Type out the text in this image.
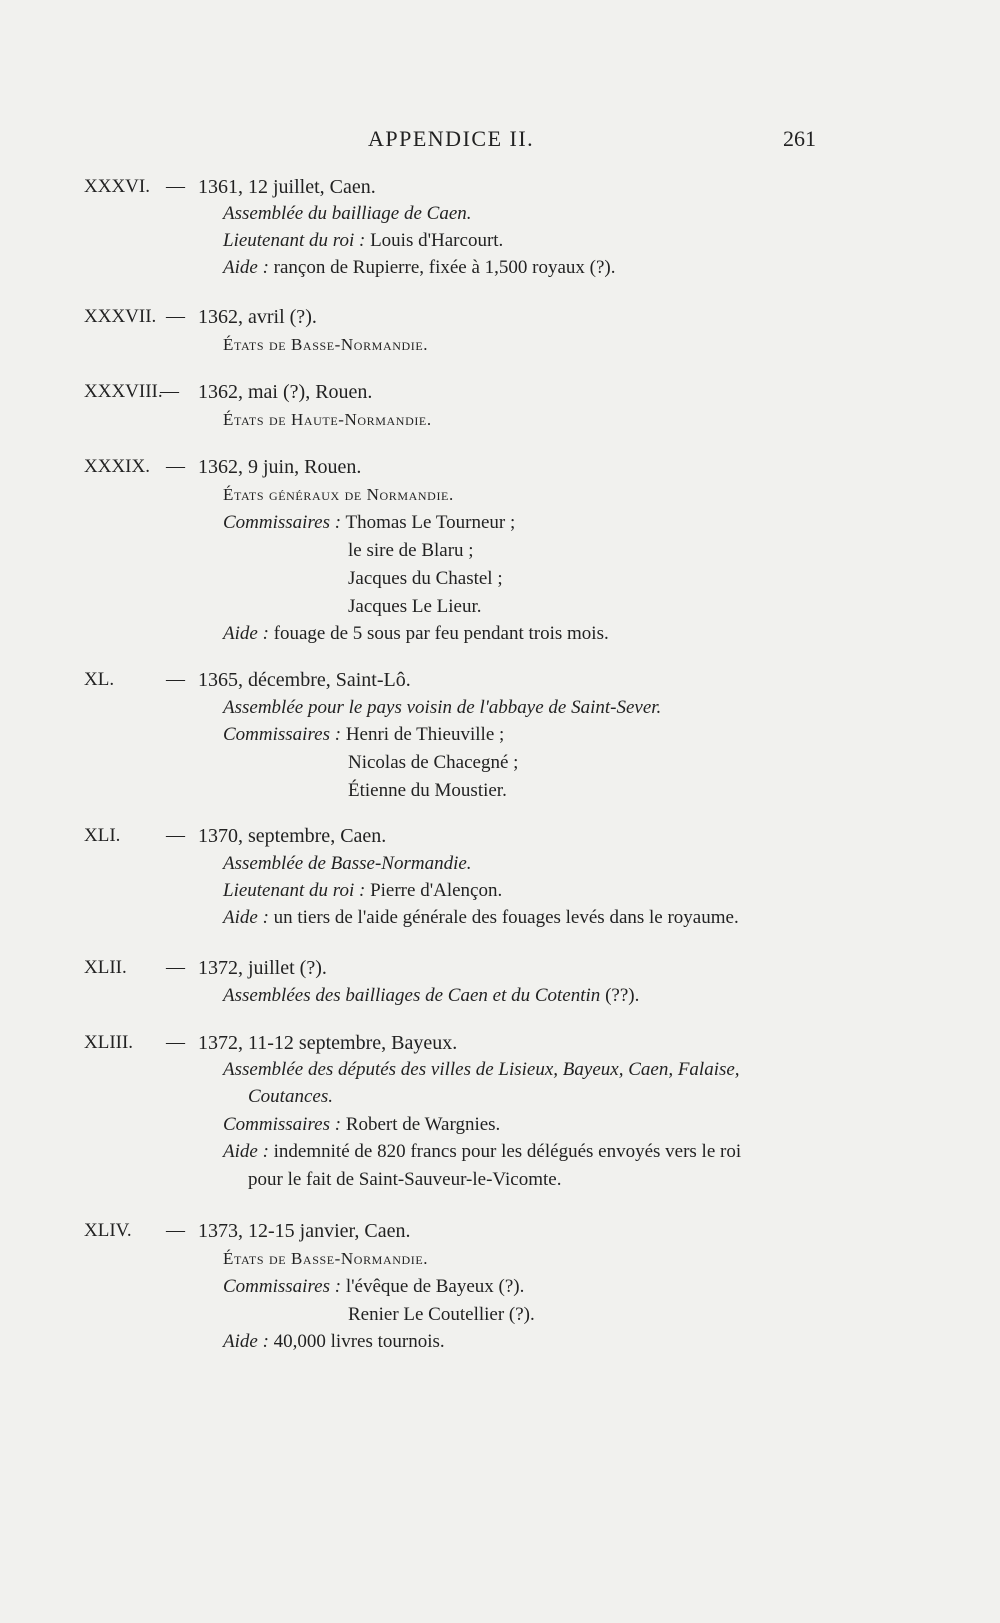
APPENDICE II.	261
XXXVI. — 1361, 12 juillet, Caen.
Assemblée du bailliage de Caen.
Lieutenant du roi : Louis d'Harcourt.
Aide : rançon de Rupierre, fixée à 1,500 royaux (?).
XXXVII. — 1362, avril (?).
États de Basse-Normandie.
XXXVIII.
— 1362, mai (?), Rouen.
États de Haute-Normandie.
XXXIX. — 1362, 9 juin, Rouen.
États généraux de Normandie.
Commissaires : Thomas Le Tourneur ;
le sire de Blaru ;
Jacques du Chastel ;
Jacques Le Lieur.
Aide : fouage de 5 sous par feu pendant trois mois.
XL.	— 1365, décembre, Saint-Lô.
Assemblée pour le pays voisin de l'abbaye de Saint-Sever.
Commissaires : Henri de Thieuville ;
Nicolas de Chacegné ;
Étienne du Moustier.
XLI. — 1370, septembre, Caen.
Assemblée de Basse-Normandie.
Lieutenant du roi : Pierre d'Alençon.
Aide : un tiers de l'aide générale des fouages levés dans le royaume.
XLII. — 1372, juillet (?).
Assemblées des bailliages de Caen et du Cotentin (??).
XLIII. — 1372, 11-12 septembre, Bayeux.
Assemblée des députés des villes de Lisieux, Bayeux, Caen, Falaise,
Coutances.
Commissaires : Robert de Wargnies.
Aide : indemnité de 820 francs pour les délégués envoyés vers le roi
pour le fait de Saint-Sauveur-le-Vicomte.
XLIV. — 1373, 12-15 janvier, Caen.
États de Basse-Normandie.
Commissaires : l'évêque de Bayeux (?).
Renier Le Coutellier (?).
Aide : 40,000 livres tournois.
